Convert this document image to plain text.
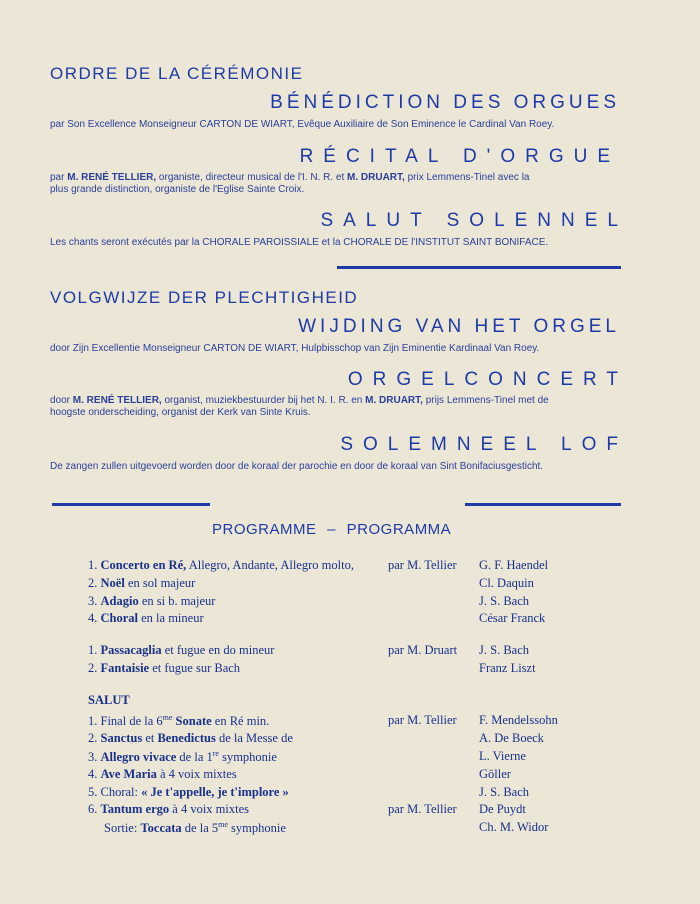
ORDRE DE LA CÉRÉMONIE
BÉNÉDICTION DES ORGUES
par Son Excellence Monseigneur CARTON DE WIART, Evêque Auxiliaire de Son Eminence le Cardinal Van Roey.
RÉCITAL D'ORGUE
par M. RENÉ TELLIER, organiste, directeur musical de l'I. N. R. et M. DRUART, prix Lemmens-Tinel avec la
plus grande distinction, organiste de l'Eglise Sainte Croix.
SALUT SOLENNEL
Les chants seront exécutés par la CHORALE PAROISSIALE et la CHORALE DE l'INSTITUT SAINT BONIFACE.
VOLGWIJZE DER PLECHTIGHEID
WIJDING VAN HET ORGEL
door Zijn Excellentie Monseigneur CARTON DE WIART, Hulpbisschop van Zijn Eminentie Kardinaal Van Roey.
ORGELCONCERT
door M. RENÉ TELLIER, organist, muziekbestuurder bij het N. I. R. en M. DRUART, prijs Lemmens-Tinel met de
hoogste onderscheiding, organist der Kerk van Sinte Kruis.
SOLEMNEEL LOF
De zangen zullen uitgevoerd worden door de koraal der parochie en door de koraal van Sint Bonifaciusgesticht.
PROGRAMME – PROGRAMMA
1. Concerto en Ré, Allegro, Andante, Allegro molto,	par M. Tellier G. F. Haendel
2. Noël en sol majeur	Cl. Daquin
3. Adagio en si b. majeur	J. S. Bach
4. Choral en la mineur	César Franck
1. Passacaglia et fugue en do mineur	par M. Druart J. S. Bach
2. Fantaisie et fugue sur Bach	Franz Liszt
SALUT
1. Final de la $6^{me}$ Sonate en Ré min.	par M. Tellier F. Mendelssohn
2. Sanctus et Benedictus de la Messe de	A. De Boeck
3. Allegro vivace de la 1re symphonie	L. Vierne
4. Ave Maria à 4 voix mixtes	Göller
5. Choral: « Je t'appelle, je t'implore »	J. S. Bach
6. Tantum ergo à 4 voix mixtes	par M. Tellier De Puydt
Sortie: Toccata de la $5^{me}$ symphonie	Ch. M. Widor
